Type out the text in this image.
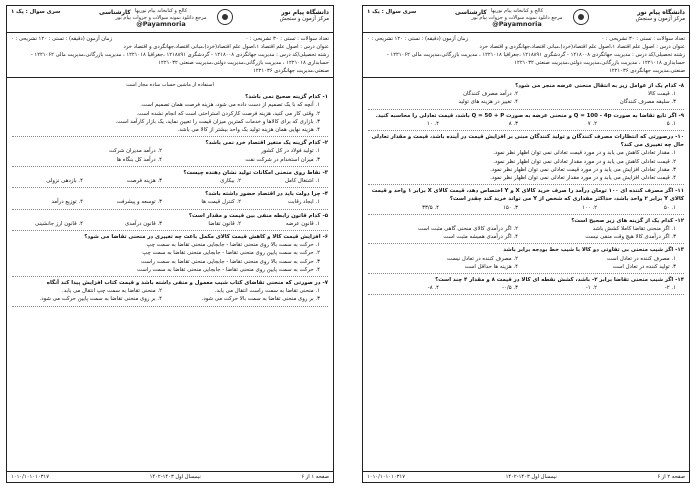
دانشگاه پیام نور
مرکز آزمون و سنجش
کالج و کتابخانه پیام نوریها
مرجع دانلود نمونه سوالات و جزوات پیام نور
@Payamnoria
کارشناسی
سری سوال : یک ۱
تعداد سوالات : تستی : ۳۰ تشریحی : ۰
زمان آزمون (دقیقه) : تستی : ۱۲۰ تشریحی : ۰
عنوان درس : اصول علم اقتصاد ۱،اصول علم اقتصاد(خرد)،مبانی اقتصاد،جهانگردی و اقتصاد خرد
رشته تحصیلی/کد درس : مدیریت جهانگردی ۱۲۱۸۰۰۸ - گردشگری ۱۲۱۸۸۹۱ ،جغرافیا ۱۲۲۱۰۱۸ ، مدیریت بازرگانی،مدیریت مالی ۱۲۲۱۰۶۲ - حسابداری ۱۲۲۱۰۱۸ ، مدیریت بازرگانی،مدیریت دولتی،مدیریت صنعتی ۱۲۲۱۰۳۲
صنعتی،مدیریت جهانگردی ۱۲۲۱۰۳۶
استفاده از ماشین حساب ساده مجاز است
۱- کدام گزینه صحیح نمی باشد؟
۱. آنچه که با یک تصمیم از دست داده می شود، هزینه فرصت همان تصمیم است.
۲. وقتی کار می کنید، هزینه فرصت کارکردن استراحتی است که انجام نشده است.
۳. بازاری که برای کالاها و خدمات کمترین میزان قیمت را تعیین نماید، یک بازار کارآمد است.
۴. هزینه نهایی همان هزینه تولید یک واحد بیشتر از کالا می باشد.
۲- کدام گزینه یک متغیر اقتصاد خرد نمی باشد؟
۱. تولید فولاد در کل کشور
۲. درآمد مدیران شرکت
۳. میزان استخدام در شرکت نفت
۴. درآمد کل بنگاه ها
۳- نقاط روی منحنی امکانات تولید نشان دهنده چیست؟
۱. اشتغال کامل
۲. بیکاری
۳. هزینه فرصت
۴. بازدهی نزولی
۴- چرا دولت باید در اقتصاد حضور داشته باشد؟
۱. ایجاد رقابت
۲. کنترل قیمت ها
۳. توسعه و پیشرفت
۴. توزیع درآمد
۵- کدام قانون رابطه منفی بین قیمت و مقدار است؟
۱. قانون عرضه
۲. قانون تقاضا
۳. قانون درآمدی
۴. قانون ارز جانشینی
۶- افزایش قیمت کالا و کاهش قیمت کالای مکمل باعث چه تغییری در منحنی تقاضا می شود؟
۱. حرکت به سمت بالا روی منحنی تقاضا - جابجایی منحنی تقاضا به سمت چپ
۲. حرکت به سمت پایین روی منحنی تقاضا - جابجایی منحنی تقاضا به سمت چپ
۳. حرکت به سمت بالا روی منحنی تقاضا - جابجایی منحنی تقاضا به سمت راست
۴. حرکت به سمت پایین روی منحنی تقاضا - جابجایی منحنی تقاضا به سمت راست
۷- در صورتی که منحنی تقاضای کتاب شیب معمول و منفی داشته باشد و قیمت کتاب افزایش پیدا کند آنگاه
۱. منحنی تقاضا به سمت راست انتقال می یابد.
۲. منحنی تقاضا به سمت چپ انتقال می یابد.
۳. بر روی منحنی تقاضا به سمت بالا حرکت می شود.
۴. بر روی منحنی تقاضا به سمت پایین حرکت می شود.
صفحه ۱ از ۶
نیمسال اول ۱۴۰۳-۱۴۰۲
۱۰۱۰/۱۰۱۰۱۰۳۱۷
دانشگاه پیام نور
مرکز آزمون و سنجش
کالج و کتابخانه پیام نوریها
مرجع دانلود نمونه سوالات و جزوات پیام نور
@Payamnoria
کارشناسی
سری سوال : یک ۱
تعداد سوالات : تستی : ۳۰ تشریحی : ۰
زمان آزمون (دقیقه) : تستی : ۱۲۰ تشریحی : ۰
عنوان درس : اصول علم اقتصاد ۱،اصول علم اقتصاد(خرد)،مبانی اقتصاد،جهانگردی و اقتصاد خرد
رشته تحصیلی/کد درس : مدیریت جهانگردی ۱۲۱۸۰۰۸ - گردشگری ۱۲۱۸۸۹۱ ،جغرافیا ۱۲۲۱۰۱۸ ، مدیریت بازرگانی،مدیریت مالی ۱۲۲۱۰۶۲ - حسابداری ۱۲۲۱۰۱۸ ، مدیریت بازرگانی،مدیریت دولتی،مدیریت صنعتی ۱۲۲۱۰۳۲
صنعتی،مدیریت جهانگردی ۱۲۲۱۰۳۶
۸- کدام یک از عوامل زیر به انتقال منحنی عرضه منجر می شود؟
۱. قیمت کالا
۲. درآمد مصرف کنندگان
۳. سلیقه مصرف کنندگان
۴. تغییر در هزینه های تولید
۹- اگر تابع تقاضا به صورت Q = 100 - 4p و منحنی عرضه به صورت Q = 50 + P باشد، قیمت تعادلی را محاسبه کنید.
۱. ۵
۲. ۷
۳. ۸
۴. ۱۰
۱۰- درصورتی که انتظارات مصرف کنندگان و تولید کنندگان مبنی بر افزایش قیمت در آینده باشد، قیمت و مقدار تعادلی حال چه تغییری می کند؟
۱. مقدار تعادلی کاهش می یابد و در مورد قیمت تعادلی نمی توان اظهار نظر نمود.
۲. قیمت تعادلی کاهش می یابد و در مورد مقدار تعادلی نمی توان اظهار نظر نمود.
۳. مقدار تعادلی افزایش می یابد و در مورد قیمت تعادلی نمی توان اظهار نظر نمود.
۴. قیمت تعادلی افزایش می یابد و در مورد مقدار تعادلی نمی توان اظهار نظر نمود.
۱۱- اگر مصرف کننده ای ۱۰۰ تومان درآمد را صرف خرید کالای X و Y اختصاص دهد، قیمت کالای X برابر ۱ واحد و قیمت کالای Y برابر ۲ واحد باشد، حداکثر مقداری که شخص از Y می تواند خرید کند چقدر است؟
۱. ۵۰
۲. ۱۰۰
۳. ۱۵۰
۴. ۳۳/۵
۱۲- کدام یک از گزینه های زیر صحیح است؟
۱. اگر منحنی تقاضا کاملا کشش باشد
۲. اگر درآمدی کالای منحنی گاهی مثبت است
۳. اگر درآمدی کالا هیچ وقت منفی نیست
۴. اگر درآمدی همیشه مثبت است
۱۳- اگر شیب منحنی بی تفاوتی دو کالا با شیب خط بودجه برابر باشد
۱. مصرف کننده در تعادل است
۲. مصرف کننده در تعادل نیست
۳. تولید کننده در تعادل است
۴. هزینه ها حداقل است
۱۴- اگر شیب منحنی تقاضا برابر ۲- باشد، کشش نقطه ای کالا در قیمت ۸ و مقدار ۴ چند است؟
۱. ۲-
۲. ۱-
۳. ۰/۵-
۴. ۸-
صفحه ۲ از ۶
نیمسال اول ۱۴۰۳-۱۴۰۲
۱۰۱۰/۱۰۱۰۱۰۳۱۷
